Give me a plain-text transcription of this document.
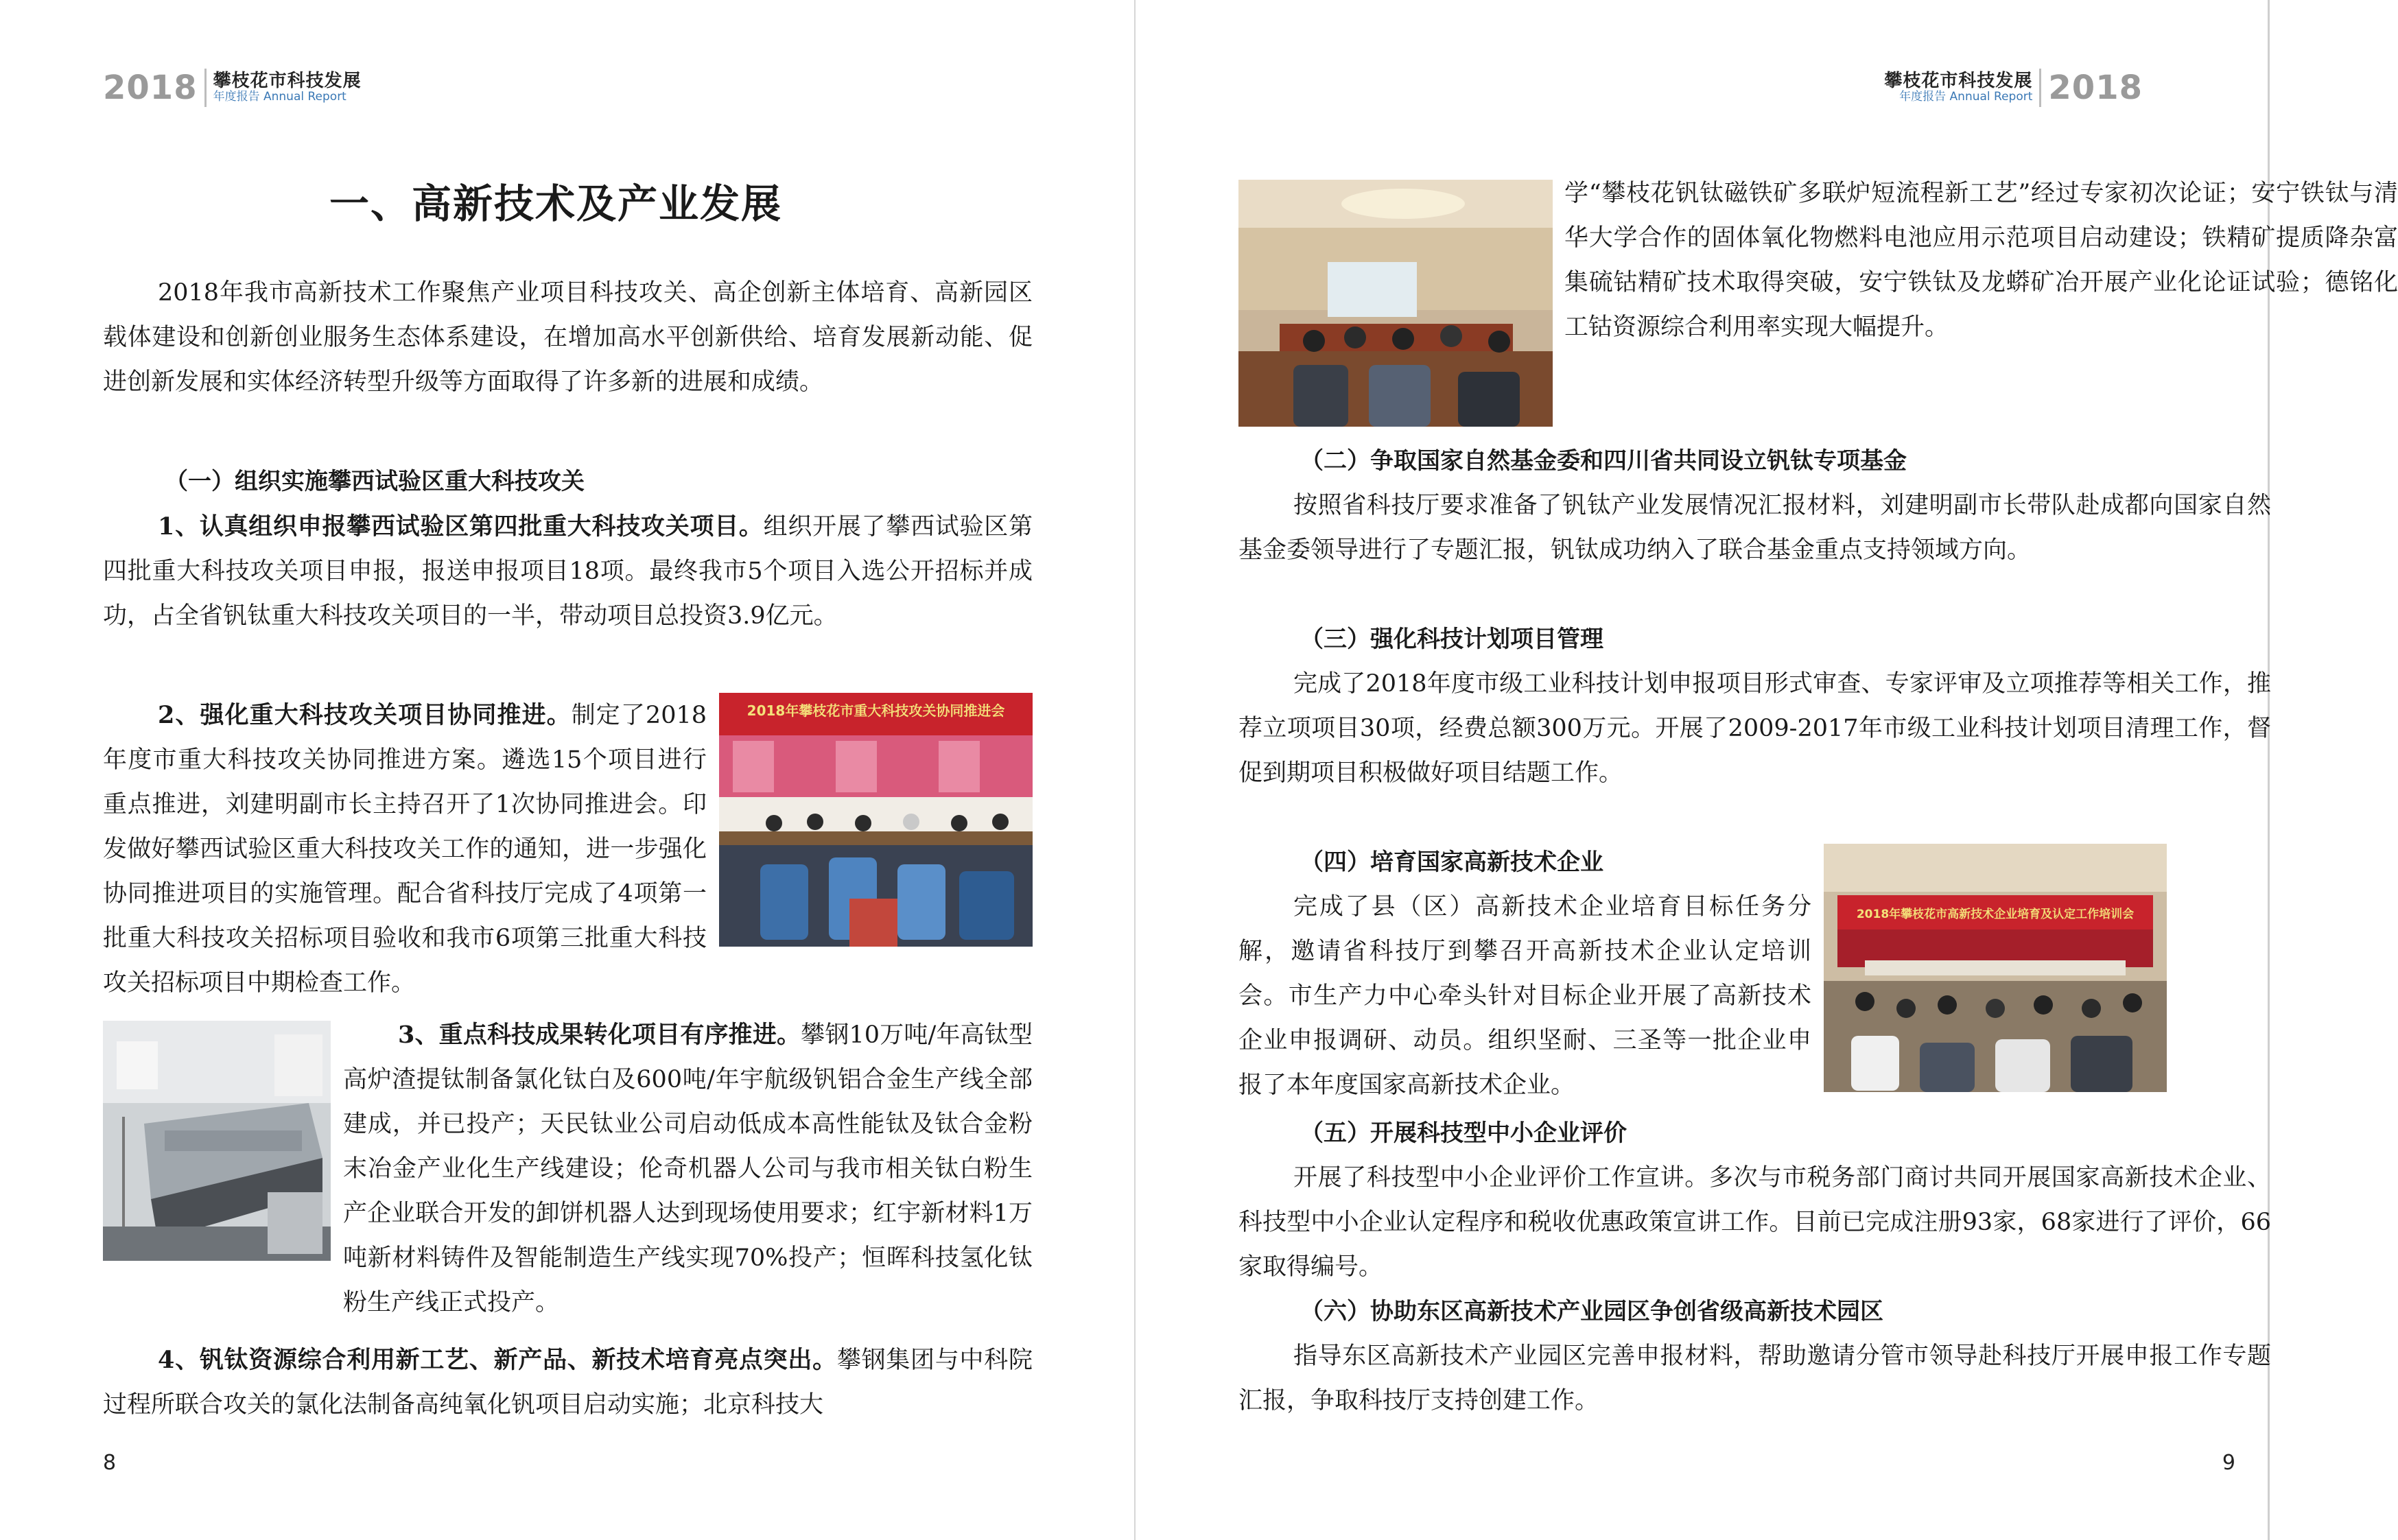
2018 攀枝花市科技发展
年度报告 Annual Report
一、高新技术及产业发展

2018年我市高新技术工作聚焦产业项目科技攻关、高企创新主体培育、高新园区载体建设和创新创业服务生态体系建设，在增加高水平创新供给、培育发展新动能、促进创新发展和实体经济转型升级等方面取得了许多新的进展和成绩。

（一）组织实施攀西试验区重大科技攻关

1、认真组织申报攀西试验区第四批重大科技攻关项目。组织开展了攀西试验区第四批重大科技攻关项目申报，报送申报项目18项。最终我市5个项目入选公开招标并成功，占全省钒钛重大科技攻关项目的一半，带动项目总投资3.9亿元。

2018年攀枝花市重大科技攻关协同推进会

2、强化重大科技攻关项目协同推进。制定了2018年度市重大科技攻关协同推进方案。遴选15个项目进行重点推进，刘建明副市长主持召开了1次协同推进会。印发做好攀西试验区重大科技攻关工作的通知，进一步强化协同推进项目的实施管理。配合省科技厅完成了4项第一批重大科技攻关招标项目验收和我市6项第三批重大科技攻关招标项目中期检查工作。

3、重点科技成果转化项目有序推进。攀钢10万吨/年高钛型高炉渣提钛制备氯化钛白及600吨/年宇航级钒铝合金生产线全部建成，并已投产；天民钛业公司启动低成本高性能钛及钛合金粉末冶金产业化生产线建设；伦奇机器人公司与我市相关钛白粉生产企业联合开发的卸饼机器人达到现场使用要求；红宇新材料1万吨新材料铸件及智能制造生产线实现70%投产；恒晖科技氢化钛粉生产线正式投产。

4、钒钛资源综合利用新工艺、新产品、新技术培育亮点突出。攀钢集团与中科院过程所联合攻关的氯化法制备高纯氧化钒项目启动实施；北京科技大

8
攀枝花市科技发展
年度报告 Annual Report 2018

学“攀枝花钒钛磁铁矿多联炉短流程新工艺”经过专家初次论证；安宁铁钛与清华大学合作的固体氧化物燃料电池应用示范项目启动建设；铁精矿提质降杂富集硫钴精矿技术取得突破，安宁铁钛及龙蟒矿冶开展产业化论证试验；德铭化工钴资源综合利用率实现大幅提升。

（二）争取国家自然基金委和四川省共同设立钒钛专项基金

按照省科技厅要求准备了钒钛产业发展情况汇报材料，刘建明副市长带队赴成都向国家自然基金委领导进行了专题汇报，钒钛成功纳入了联合基金重点支持领域方向。

（三）强化科技计划项目管理

完成了2018年度市级工业科技计划申报项目形式审查、专家评审及立项推荐等相关工作，推荐立项项目30项，经费总额300万元。开展了2009-2017年市级工业科技计划项目清理工作，督促到期项目积极做好项目结题工作。

2018年攀枝花市高新技术企业培育及认定工作培训会
（四）培育国家高新技术企业

完成了县（区）高新技术企业培育目标任务分解，邀请省科技厅到攀召开高新技术企业认定培训会。市生产力中心牵头针对目标企业开展了高新技术企业申报调研、动员。组织坚耐、三圣等一批企业申报了本年度国家高新技术企业。

（五）开展科技型中小企业评价

开展了科技型中小企业评价工作宣讲。多次与市税务部门商讨共同开展国家高新技术企业、科技型中小企业认定程序和税收优惠政策宣讲工作。目前已完成注册93家，68家进行了评价，66家取得编号。

（六）协助东区高新技术产业园区争创省级高新技术园区

指导东区高新技术产业园区完善申报材料，帮助邀请分管市领导赴科技厅开展申报工作专题汇报，争取科技厅支持创建工作。

9
